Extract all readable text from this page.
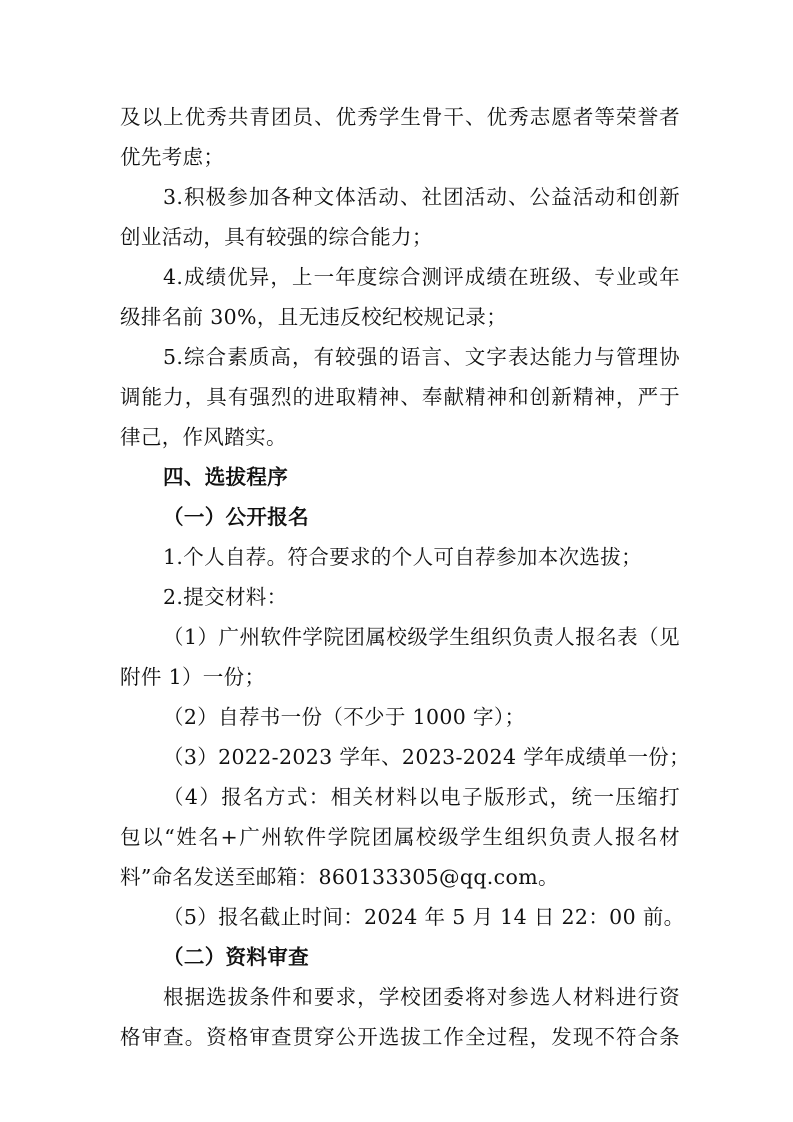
及以上优秀共青团员、优秀学生骨干、优秀志愿者等荣誉者
优先考虑；
3.积极参加各种文体活动、社团活动、公益活动和创新
创业活动，具有较强的综合能力；
4.成绩优异，上一年度综合测评成绩在班级、专业或年
级排名前 30%，且无违反校纪校规记录；
5.综合素质高，有较强的语言、文字表达能力与管理协
调能力，具有强烈的进取精神、奉献精神和创新精神，严于
律己，作风踏实。
四、选拔程序
（一）公开报名
1.个人自荐。符合要求的个人可自荐参加本次选拔；
2.提交材料：
（1）广州软件学院团属校级学生组织负责人报名表（见
附件 1）一份；
（2）自荐书一份（不少于 1000 字）；
（3）2022-2023 学年、2023-2024 学年成绩单一份；
（4）报名方式：相关材料以电子版形式，统一压缩打
包以“姓名+广州软件学院团属校级学生组织负责人报名材
料”命名发送至邮箱：860133305@qq.com。
（5）报名截止时间：2024 年 5 月 14 日 22：00 前。
（二）资料审查
根据选拔条件和要求，学校团委将对参选人材料进行资
格审查。资格审查贯穿公开选拔工作全过程，发现不符合条
